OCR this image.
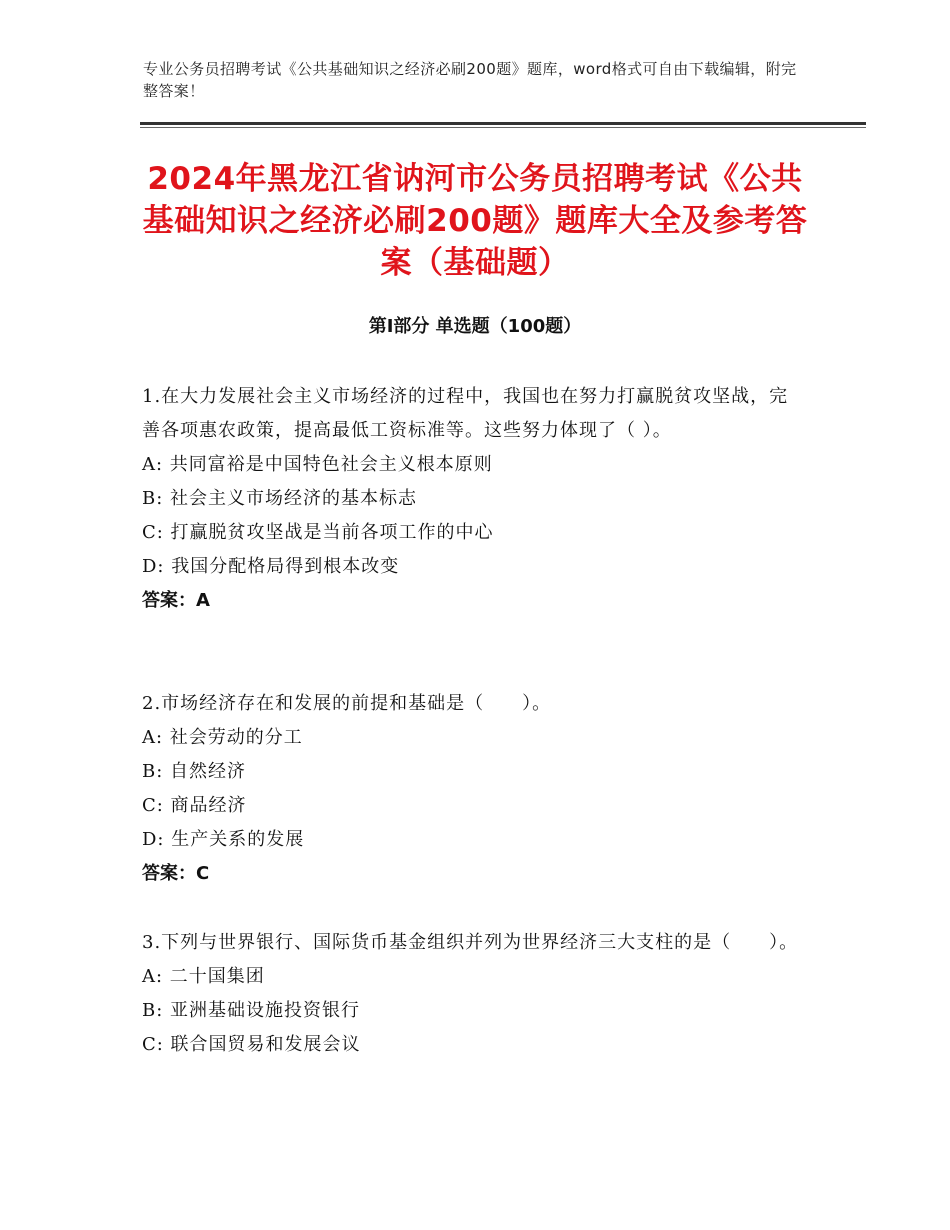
专业公务员招聘考试《公共基础知识之经济必刷200题》题库，word格式可自由下载编辑，附完整答案！
2024年黑龙江省讷河市公务员招聘考试《公共基础知识之经济必刷200题》题库大全及参考答案（基础题）
第Ⅰ部分 单选题（100题）
1.在大力发展社会主义市场经济的过程中，我国也在努力打赢脱贫攻坚战，完善各项惠农政策，提高最低工资标准等。这些努力体现了（ ）。
A: 共同富裕是中国特色社会主义根本原则
B: 社会主义市场经济的基本标志
C: 打赢脱贫攻坚战是当前各项工作的中心
D: 我国分配格局得到根本改变
答案：A
2.市场经济存在和发展的前提和基础是（　　）。
A: 社会劳动的分工
B: 自然经济
C: 商品经济
D: 生产关系的发展
答案：C
3.下列与世界银行、国际货币基金组织并列为世界经济三大支柱的是（　　）。
A: 二十国集团
B: 亚洲基础设施投资银行
C: 联合国贸易和发展会议
